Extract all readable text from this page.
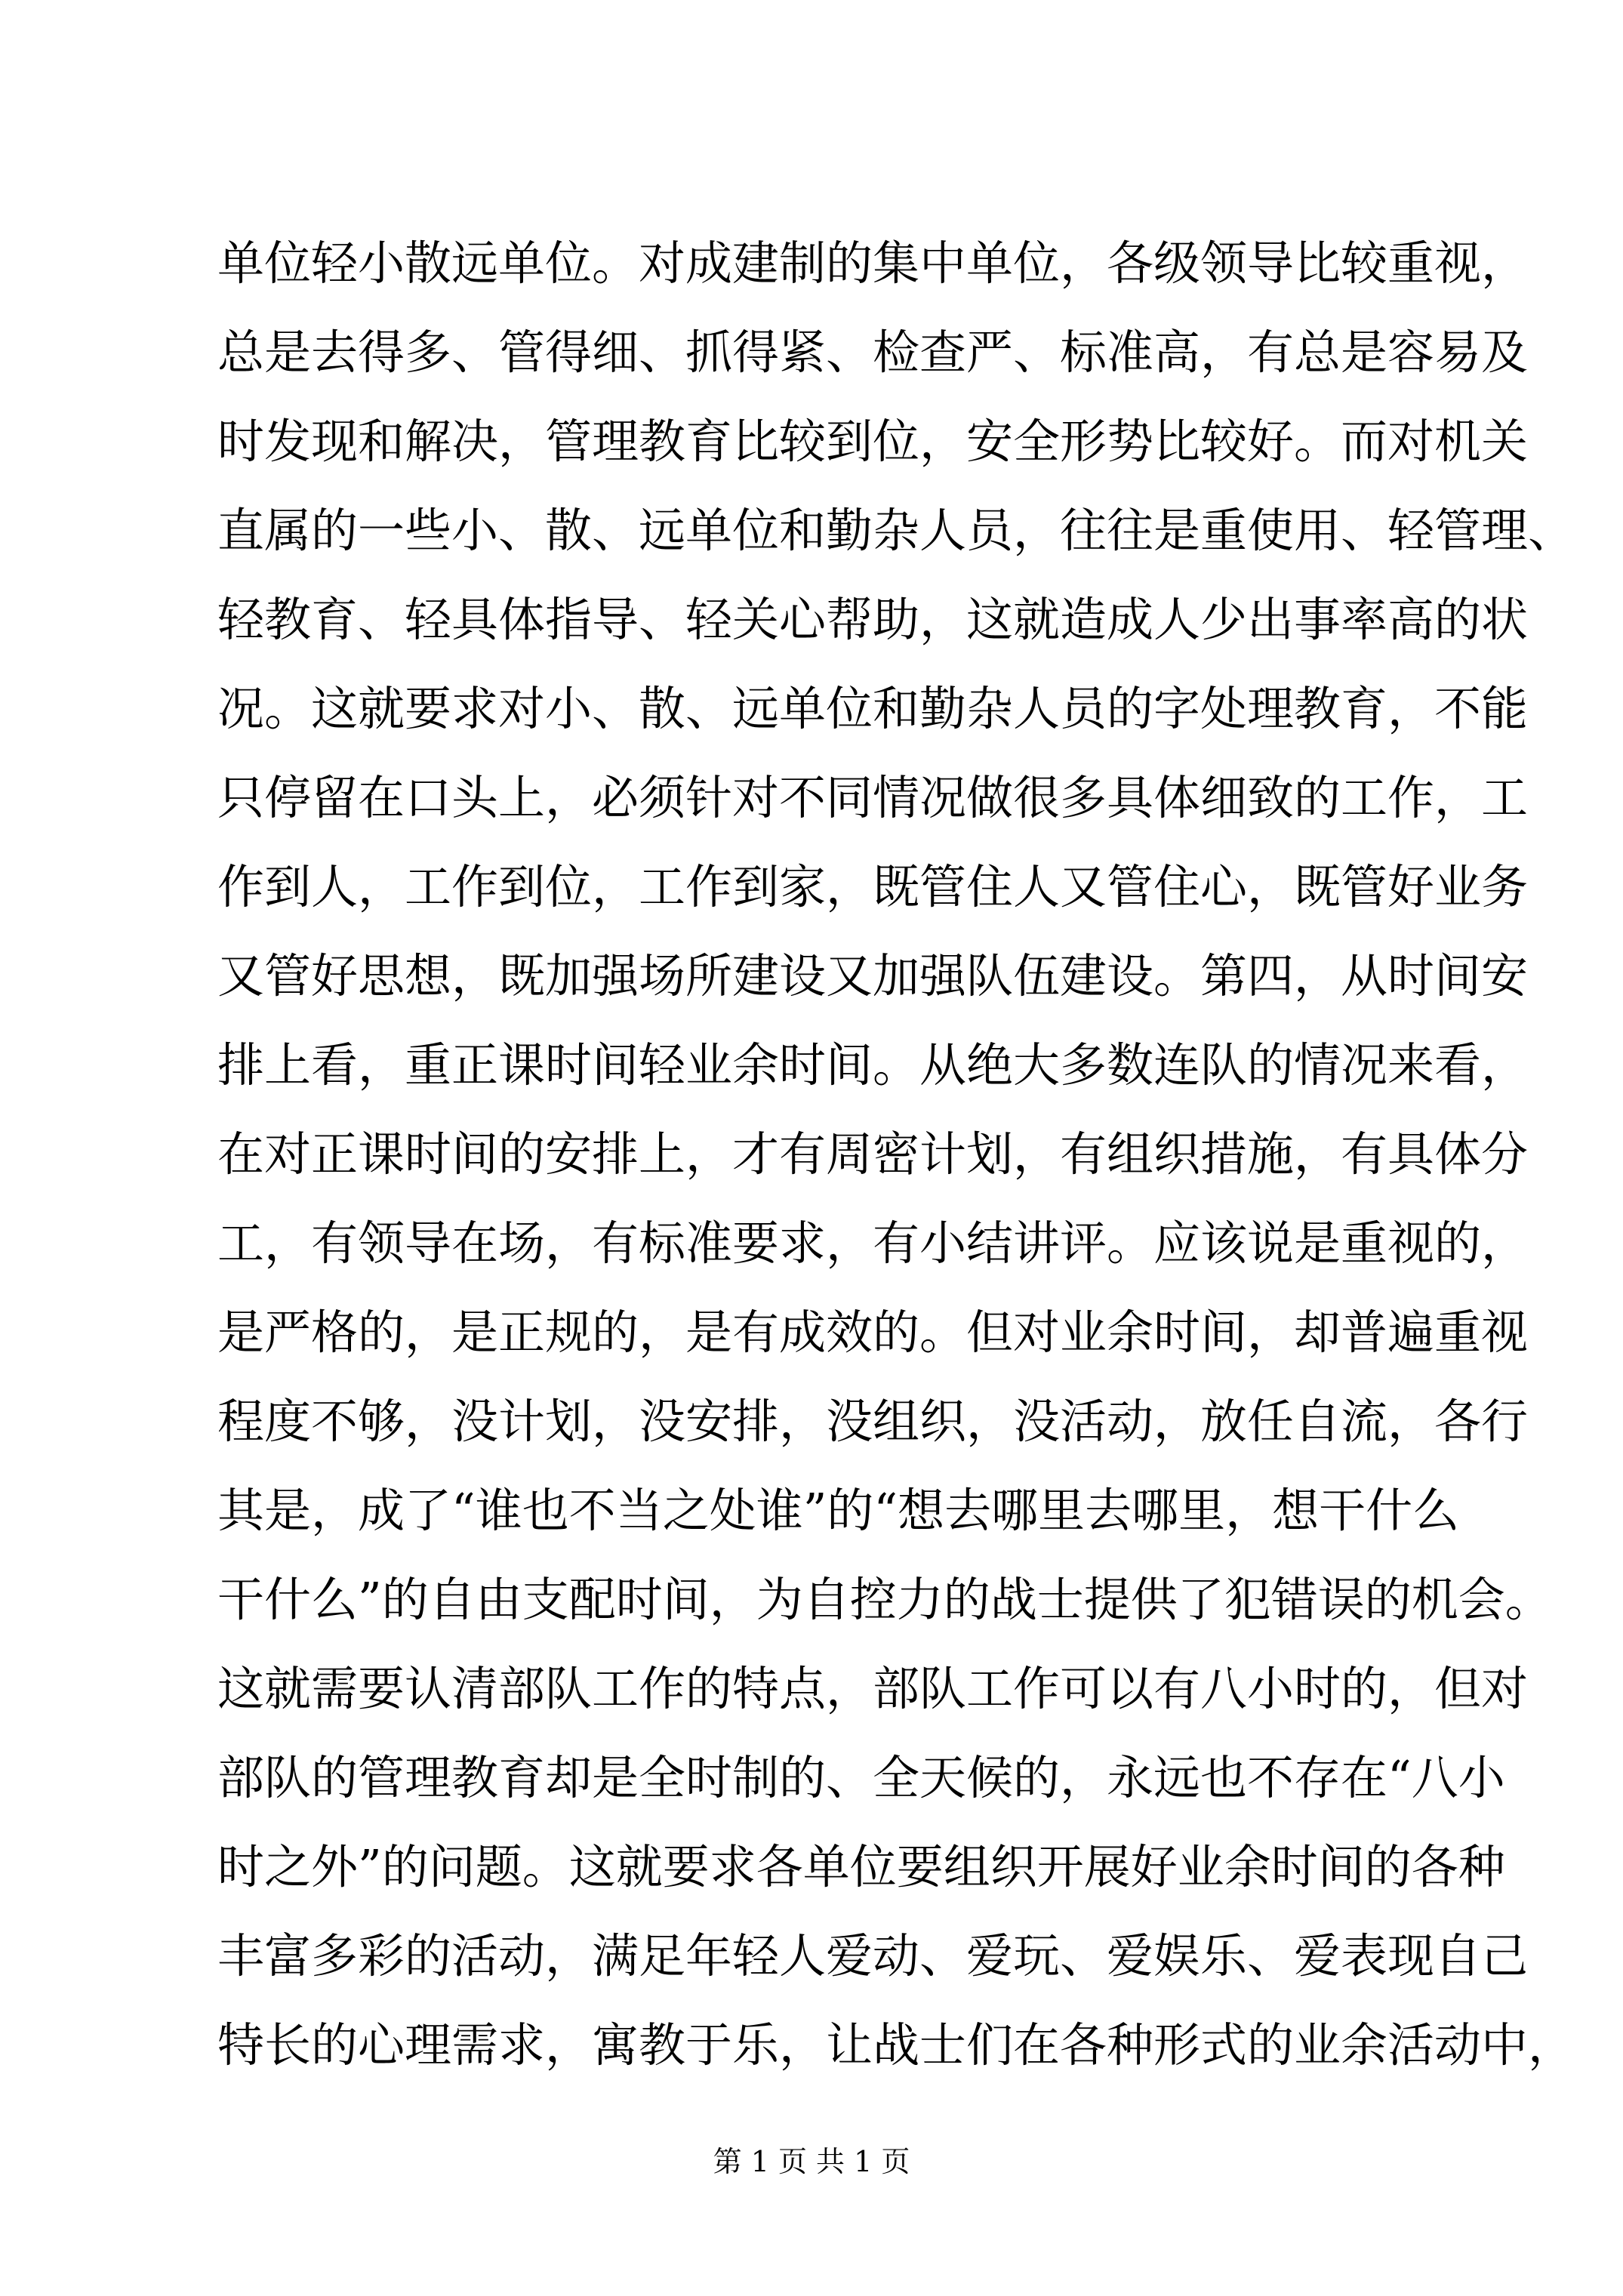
单位轻小散远单位。对成建制的集中单位，各级领导比较重视，
总是去得多、管得细、抓得紧、检查严、标准高，有总是容易及
时发现和解决，管理教育比较到位，安全形势比较好。而对机关
直属的一些小、散、远单位和勤杂人员，往往是重使用、轻管理、
轻教育、轻具体指导、轻关心帮助，这就造成人少出事率高的状
况。这就要求对小、散、远单位和勤杂人员的字处理教育，不能
只停留在口头上，必须针对不同情况做很多具体细致的工作，工
作到人，工作到位，工作到家，既管住人又管住心，既管好业务
又管好思想，既加强场所建设又加强队伍建设。第四，从时间安
排上看，重正课时间轻业余时间。从绝大多数连队的情况来看，
在对正课时间的安排上，才有周密计划，有组织措施，有具体分
工，有领导在场，有标准要求，有小结讲评。应该说是重视的，
是严格的，是正规的，是有成效的。但对业余时间，却普遍重视
程度不够，没计划，没安排，没组织，没活动，放任自流，各行
其是，成了“谁也不当之处谁”的“想去哪里去哪里，想干什么
干什么”的自由支配时间，为自控力的战士提供了犯错误的机会。
这就需要认清部队工作的特点，部队工作可以有八小时的，但对
部队的管理教育却是全时制的、全天候的，永远也不存在“八小
时之外”的问题。这就要求各单位要组织开展好业余时间的各种
丰富多彩的活动，满足年轻人爱动、爱玩、爱娱乐、爱表现自己
特长的心理需求，寓教于乐，让战士们在各种形式的业余活动中，
第 1 页 共 1 页
